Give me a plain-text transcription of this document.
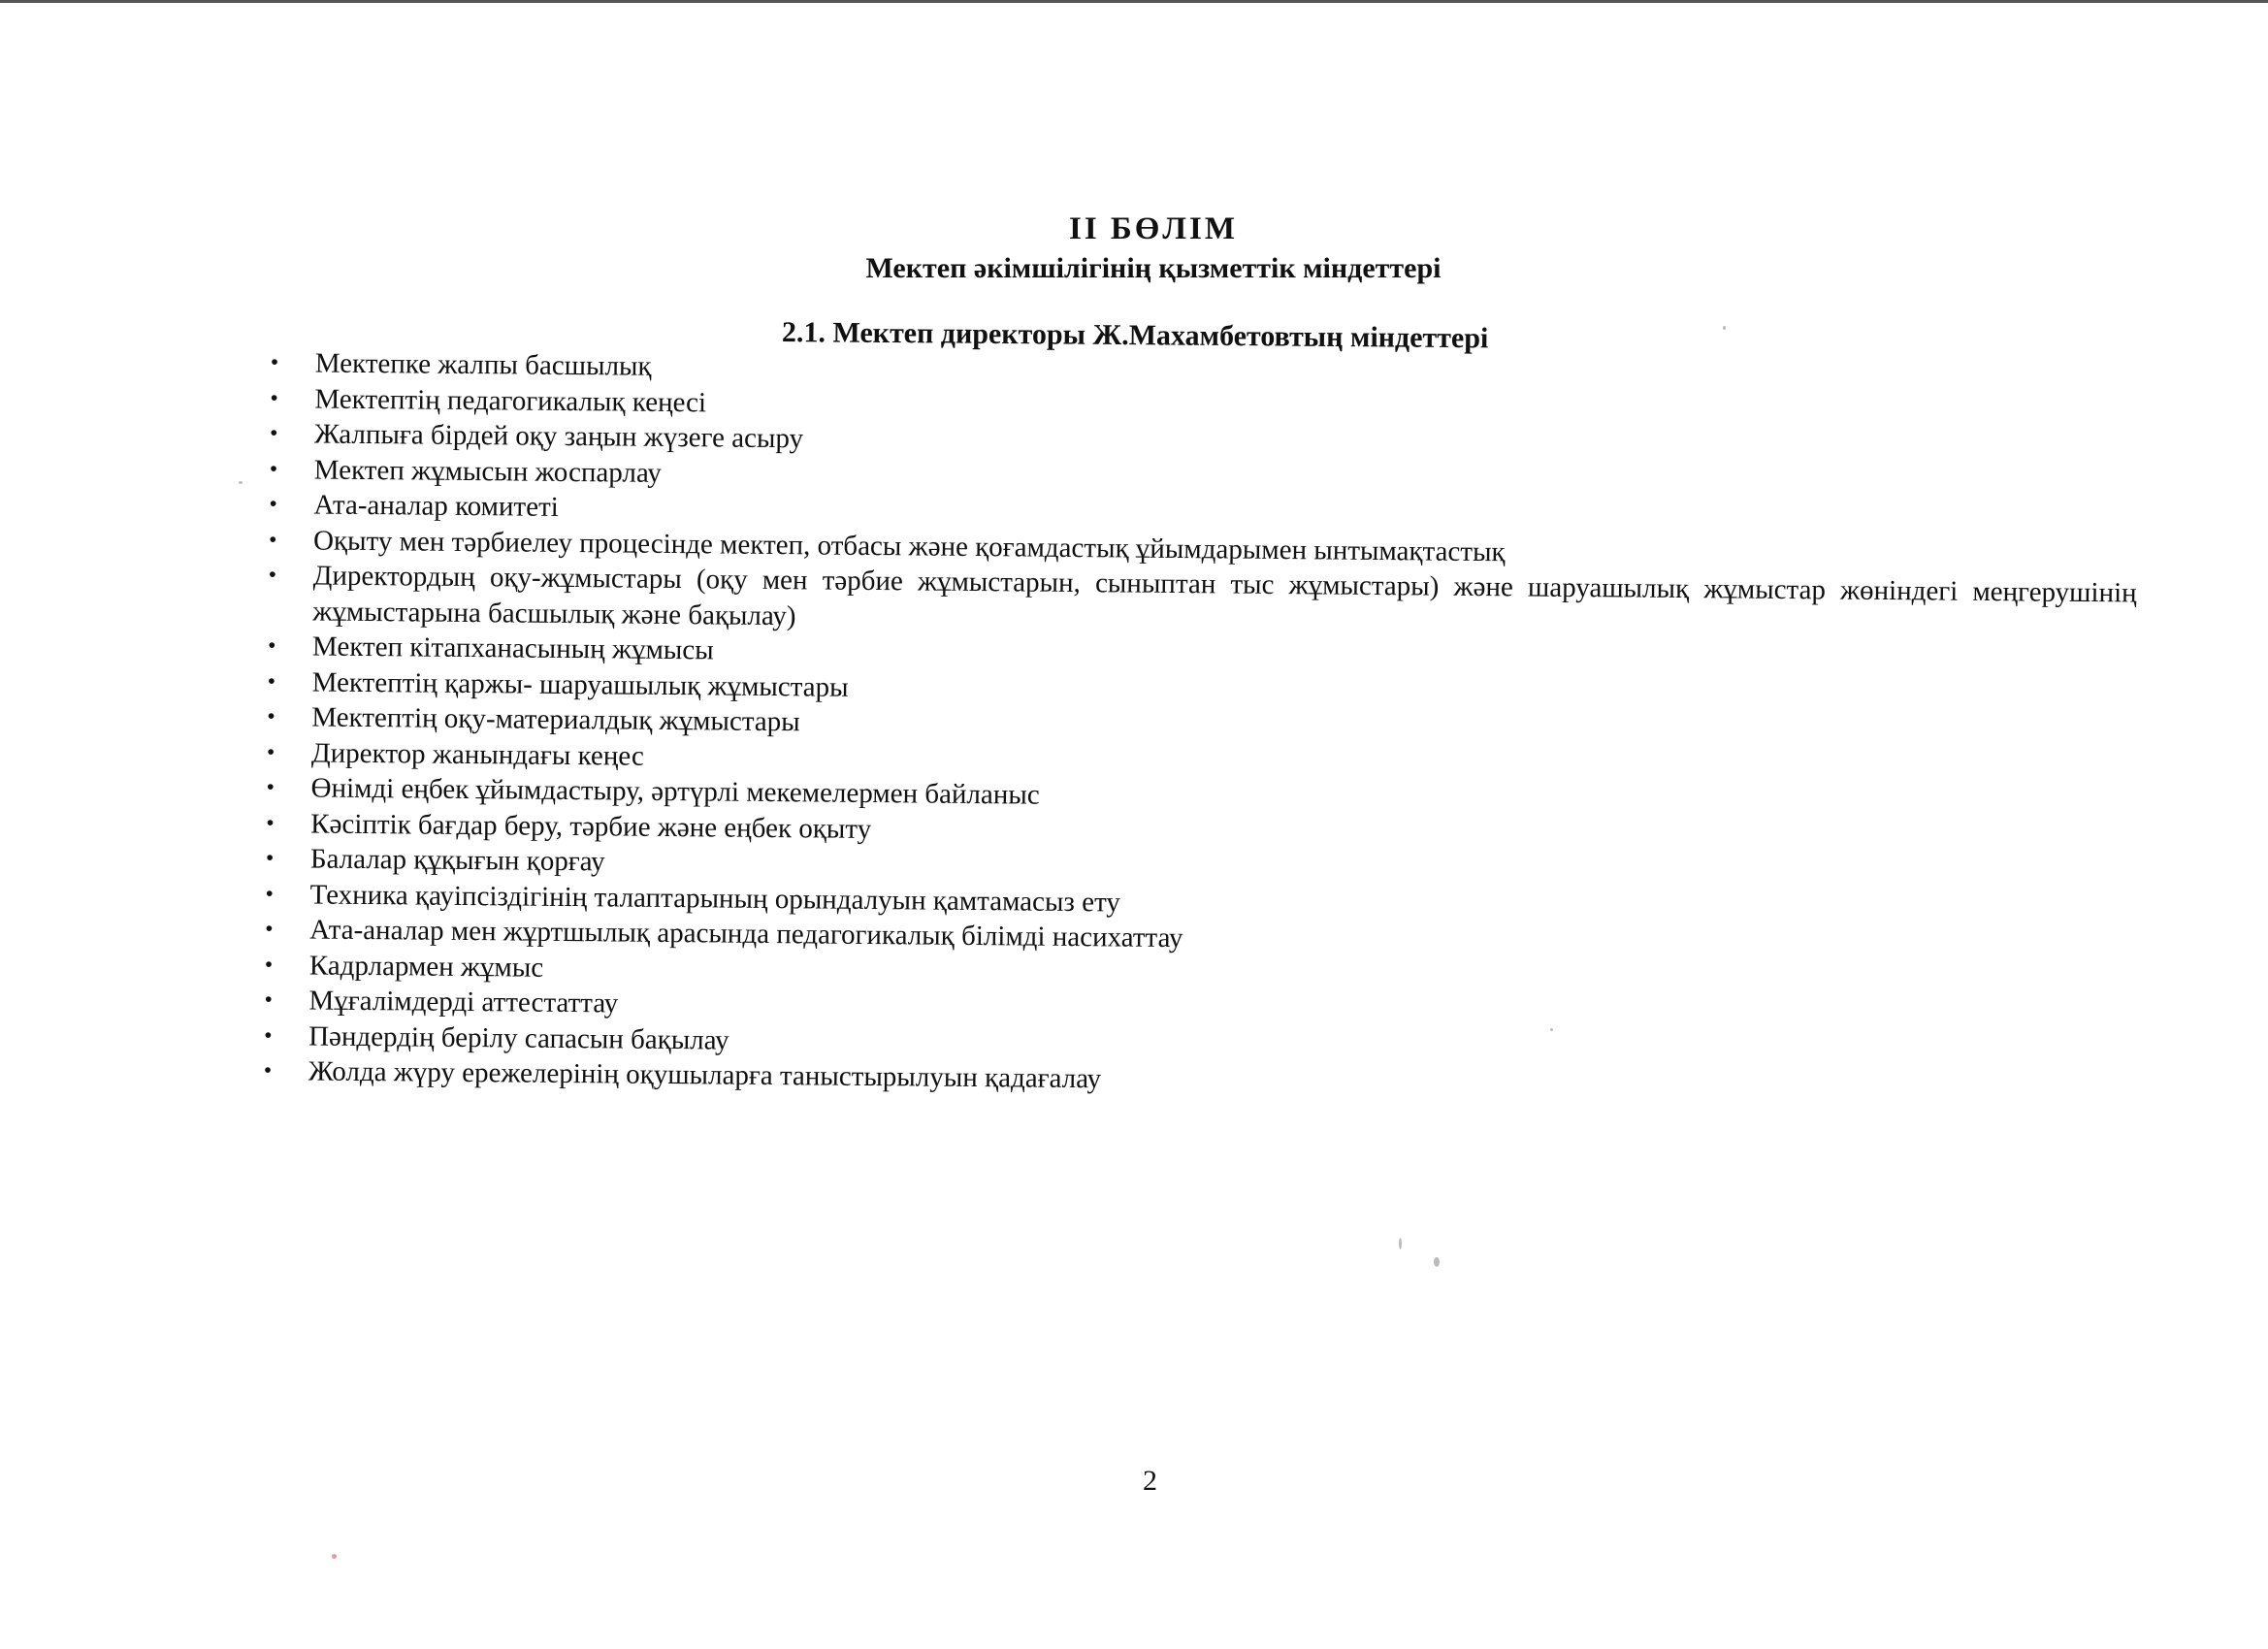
II БӨЛІМ
Мектеп әкімшілігінің қызметтік міндеттері
2.1. Мектеп директоры Ж.Махамбетовтың міндеттері
• Мектепке жалпы басшылық
• Мектептің педагогикалық кеңесі
• Жалпыға бірдей оқу заңын жүзеге асыру
• Мектеп жұмысын жоспарлау
• Ата-аналар комитеті
• Оқыту мен тәрбиелеу процесінде мектеп, отбасы және қоғамдастық ұйымдарымен ынтымақтастық
• Директордың оқу-жұмыстары (оқу мен тәрбие жұмыстарын, сыныптан тыс жұмыстары) және шаруашылық жұмыстар жөніндегі меңгерушінің жұмыстарына басшылық және бақылау)
• Мектеп кітапханасының жұмысы
• Мектептің қаржы- шаруашылық жұмыстары
• Мектептің оқу-материалдық жұмыстары
• Директор жанындағы кеңес
• Өнімді еңбек ұйымдастыру, әртүрлі мекемелермен байланыс
• Кәсіптік бағдар беру, тәрбие және еңбек оқыту
• Балалар құқығын қорғау
• Техника қауіпсіздігінің талаптарының орындалуын қамтамасыз ету
• Ата-аналар мен жұртшылық арасында педагогикалық білімді насихаттау
• Кадрлармен жұмыс
• Мұғалімдерді аттестаттау
• Пәндердің берілу сапасын бақылау
• Жолда жүру ережелерінің оқушыларға таныстырылуын қадағалау
2
